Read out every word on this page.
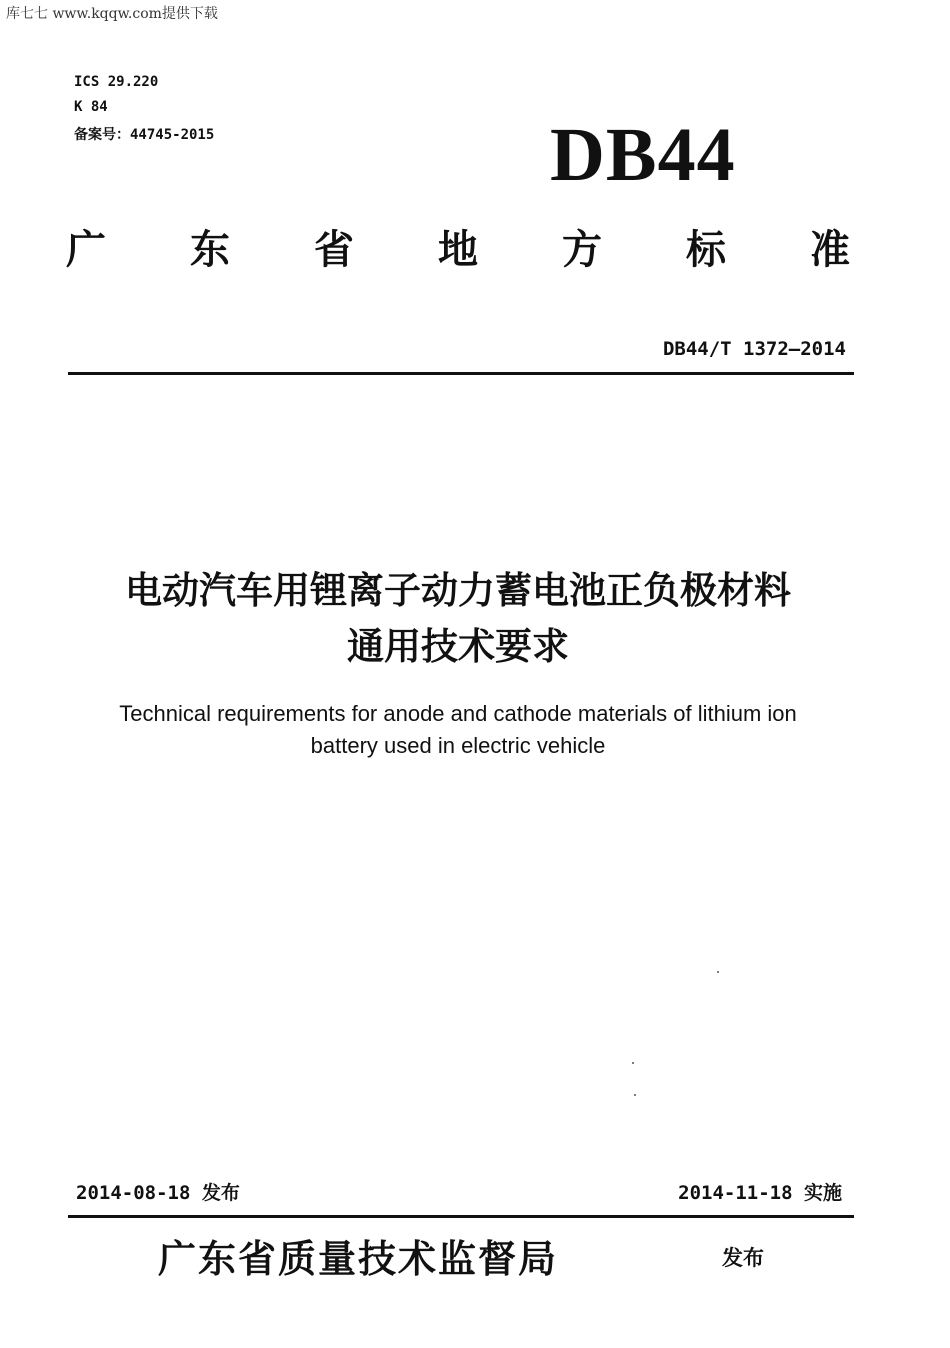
库七七 www.kqqw.com提供下载
ICS 29.220
K 84
备案号：44745-2015	DB44
广 东 省 地 方 标 准
DB44/T 1372—2014
电动汽车用锂离子动力蓄电池正负极材料
通用技术要求
Technical requirements for anode and cathode materials of lithium ion
battery used in electric vehicle
2014-08-18 发布	2014-11-18 实施
广东省质量技术监督局	发布
